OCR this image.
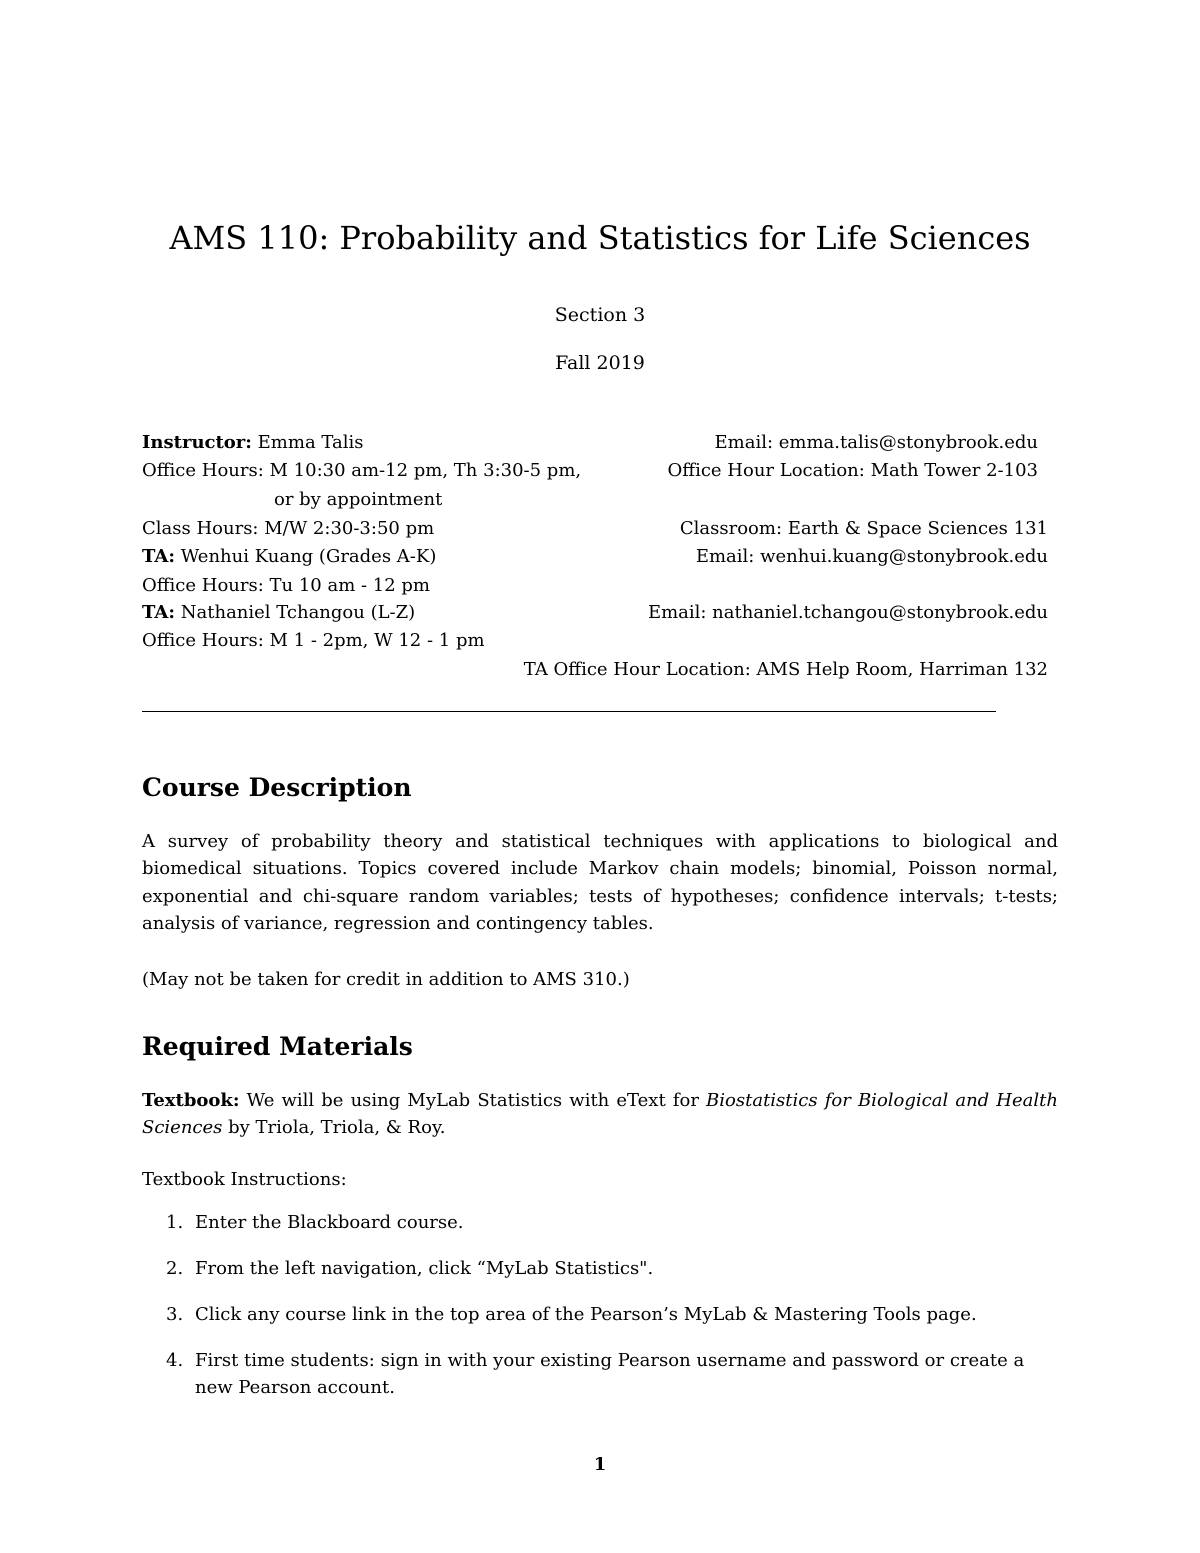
AMS 110: Probability and Statistics for Life Sciences
Section 3
Fall 2019
Instructor: Emma Talis	Email: emma.talis@stonybrook.edu
Office Hours: M 10:30 am-12 pm, Th 3:30-5 pm,	Office Hour Location: Math Tower 2-103
or by appointment
Class Hours: M/W 2:30-3:50 pm	Classroom: Earth & Space Sciences 131
TA: Wenhui Kuang (Grades A-K)	Email: wenhui.kuang@stonybrook.edu
Office Hours: Tu 10 am - 12 pm
TA: Nathaniel Tchangou (L-Z)	Email: nathaniel.tchangou@stonybrook.edu
Office Hours: M 1 - 2pm, W 12 - 1 pm
TA Office Hour Location: AMS Help Room, Harriman 132
Course Description
A survey of probability theory and statistical techniques with applications to biological and biomedical situations. Topics covered include Markov chain models; binomial, Poisson normal, exponential and chi-square random variables; tests of hypotheses; confidence intervals; t-tests; analysis of variance, regression and contingency tables.
(May not be taken for credit in addition to AMS 310.)
Required Materials
Textbook: We will be using MyLab Statistics with eText for Biostatistics for Biological and Health Sciences by Triola, Triola, & Roy.
Textbook Instructions:
1. Enter the Blackboard course.
2. From the left navigation, click “MyLab Statistics".
3. Click any course link in the top area of the Pearson’s MyLab & Mastering Tools page.
4. First time students: sign in with your existing Pearson username and password or create a new Pearson account.
1
